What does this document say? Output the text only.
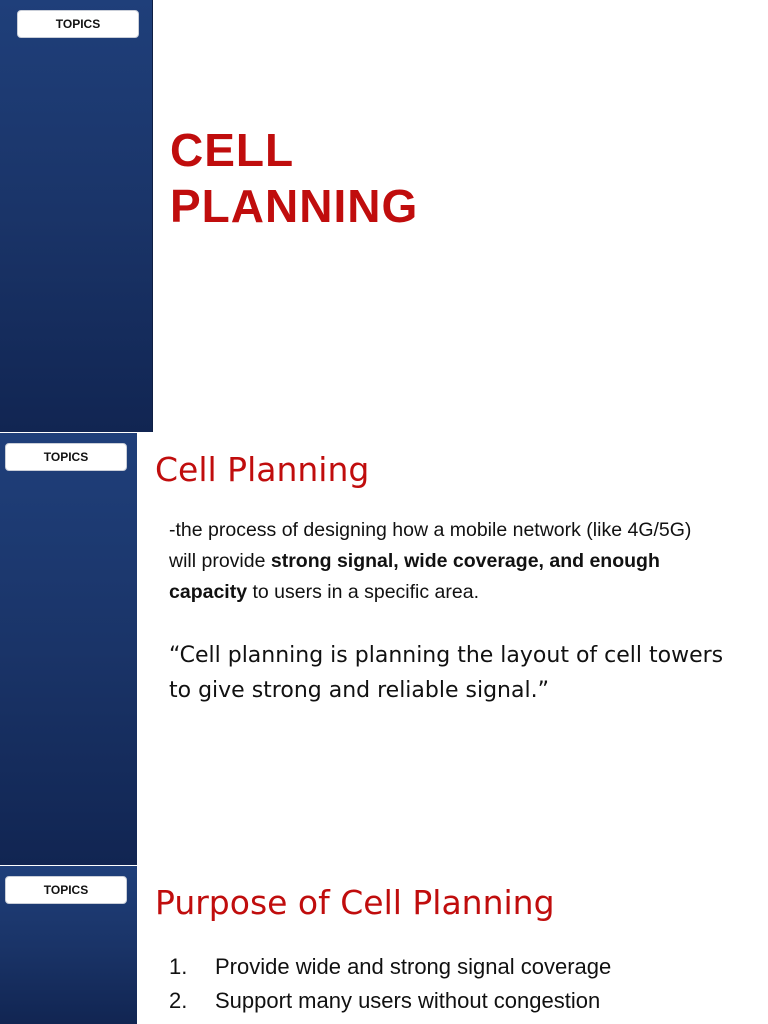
TOPICS
CELL
PLANNING
TOPICS	Cell Planning

-the process of designing how a mobile network (like 4G/5G) will provide strong signal, wide coverage, and enough capacity to users in a specific area.

“Cell planning is planning the layout of cell towers to give strong and reliable signal.”

TOPICS	Purpose of Cell Planning
1.	Provide wide and strong signal coverage
2.	Support many users without congestion
